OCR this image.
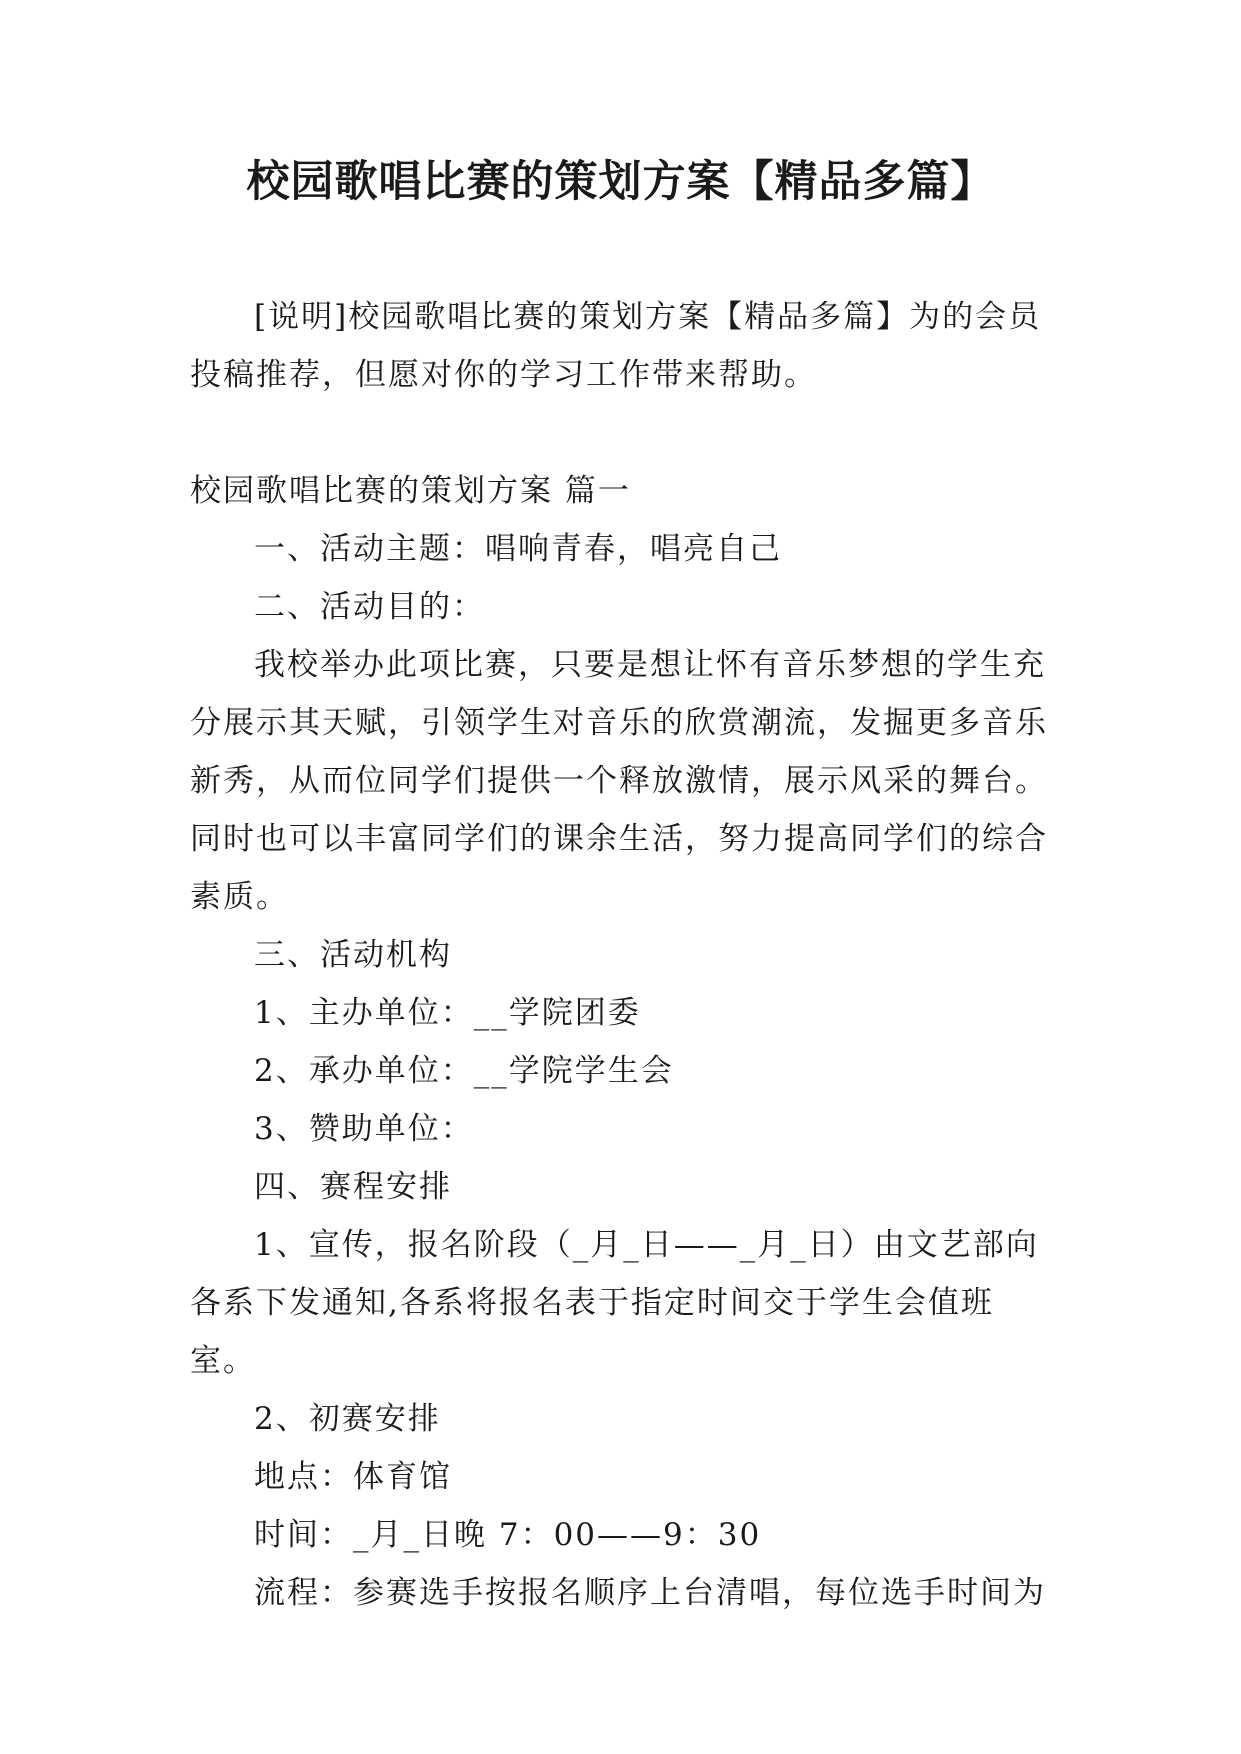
校园歌唱比赛的策划方案【精品多篇】

[说明]校园歌唱比赛的策划方案【精品多篇】为的会员投稿推荐，但愿对你的学习工作带来帮助。

校园歌唱比赛的策划方案 篇一

一、活动主题：唱响青春，唱亮自己

二、活动目的：

我校举办此项比赛，只要是想让怀有音乐梦想的学生充分展示其天赋，引领学生对音乐的欣赏潮流，发掘更多音乐新秀，从而位同学们提供一个释放激情，展示风采的舞台。同时也可以丰富同学们的课余生活，努力提高同学们的综合素质。

三、活动机构

1、主办单位：__学院团委

2、承办单位：__学院学生会

3、赞助单位：

四、赛程安排

1、宣传，报名阶段（_月_日——_月_日）由文艺部向各系下发通知,各系将报名表于指定时间交于学生会值班室。

2、初赛安排

地点：体育馆

时间：_月_日晚 7：00——9：30

流程：参赛选手按报名顺序上台清唱，每位选手时间为
